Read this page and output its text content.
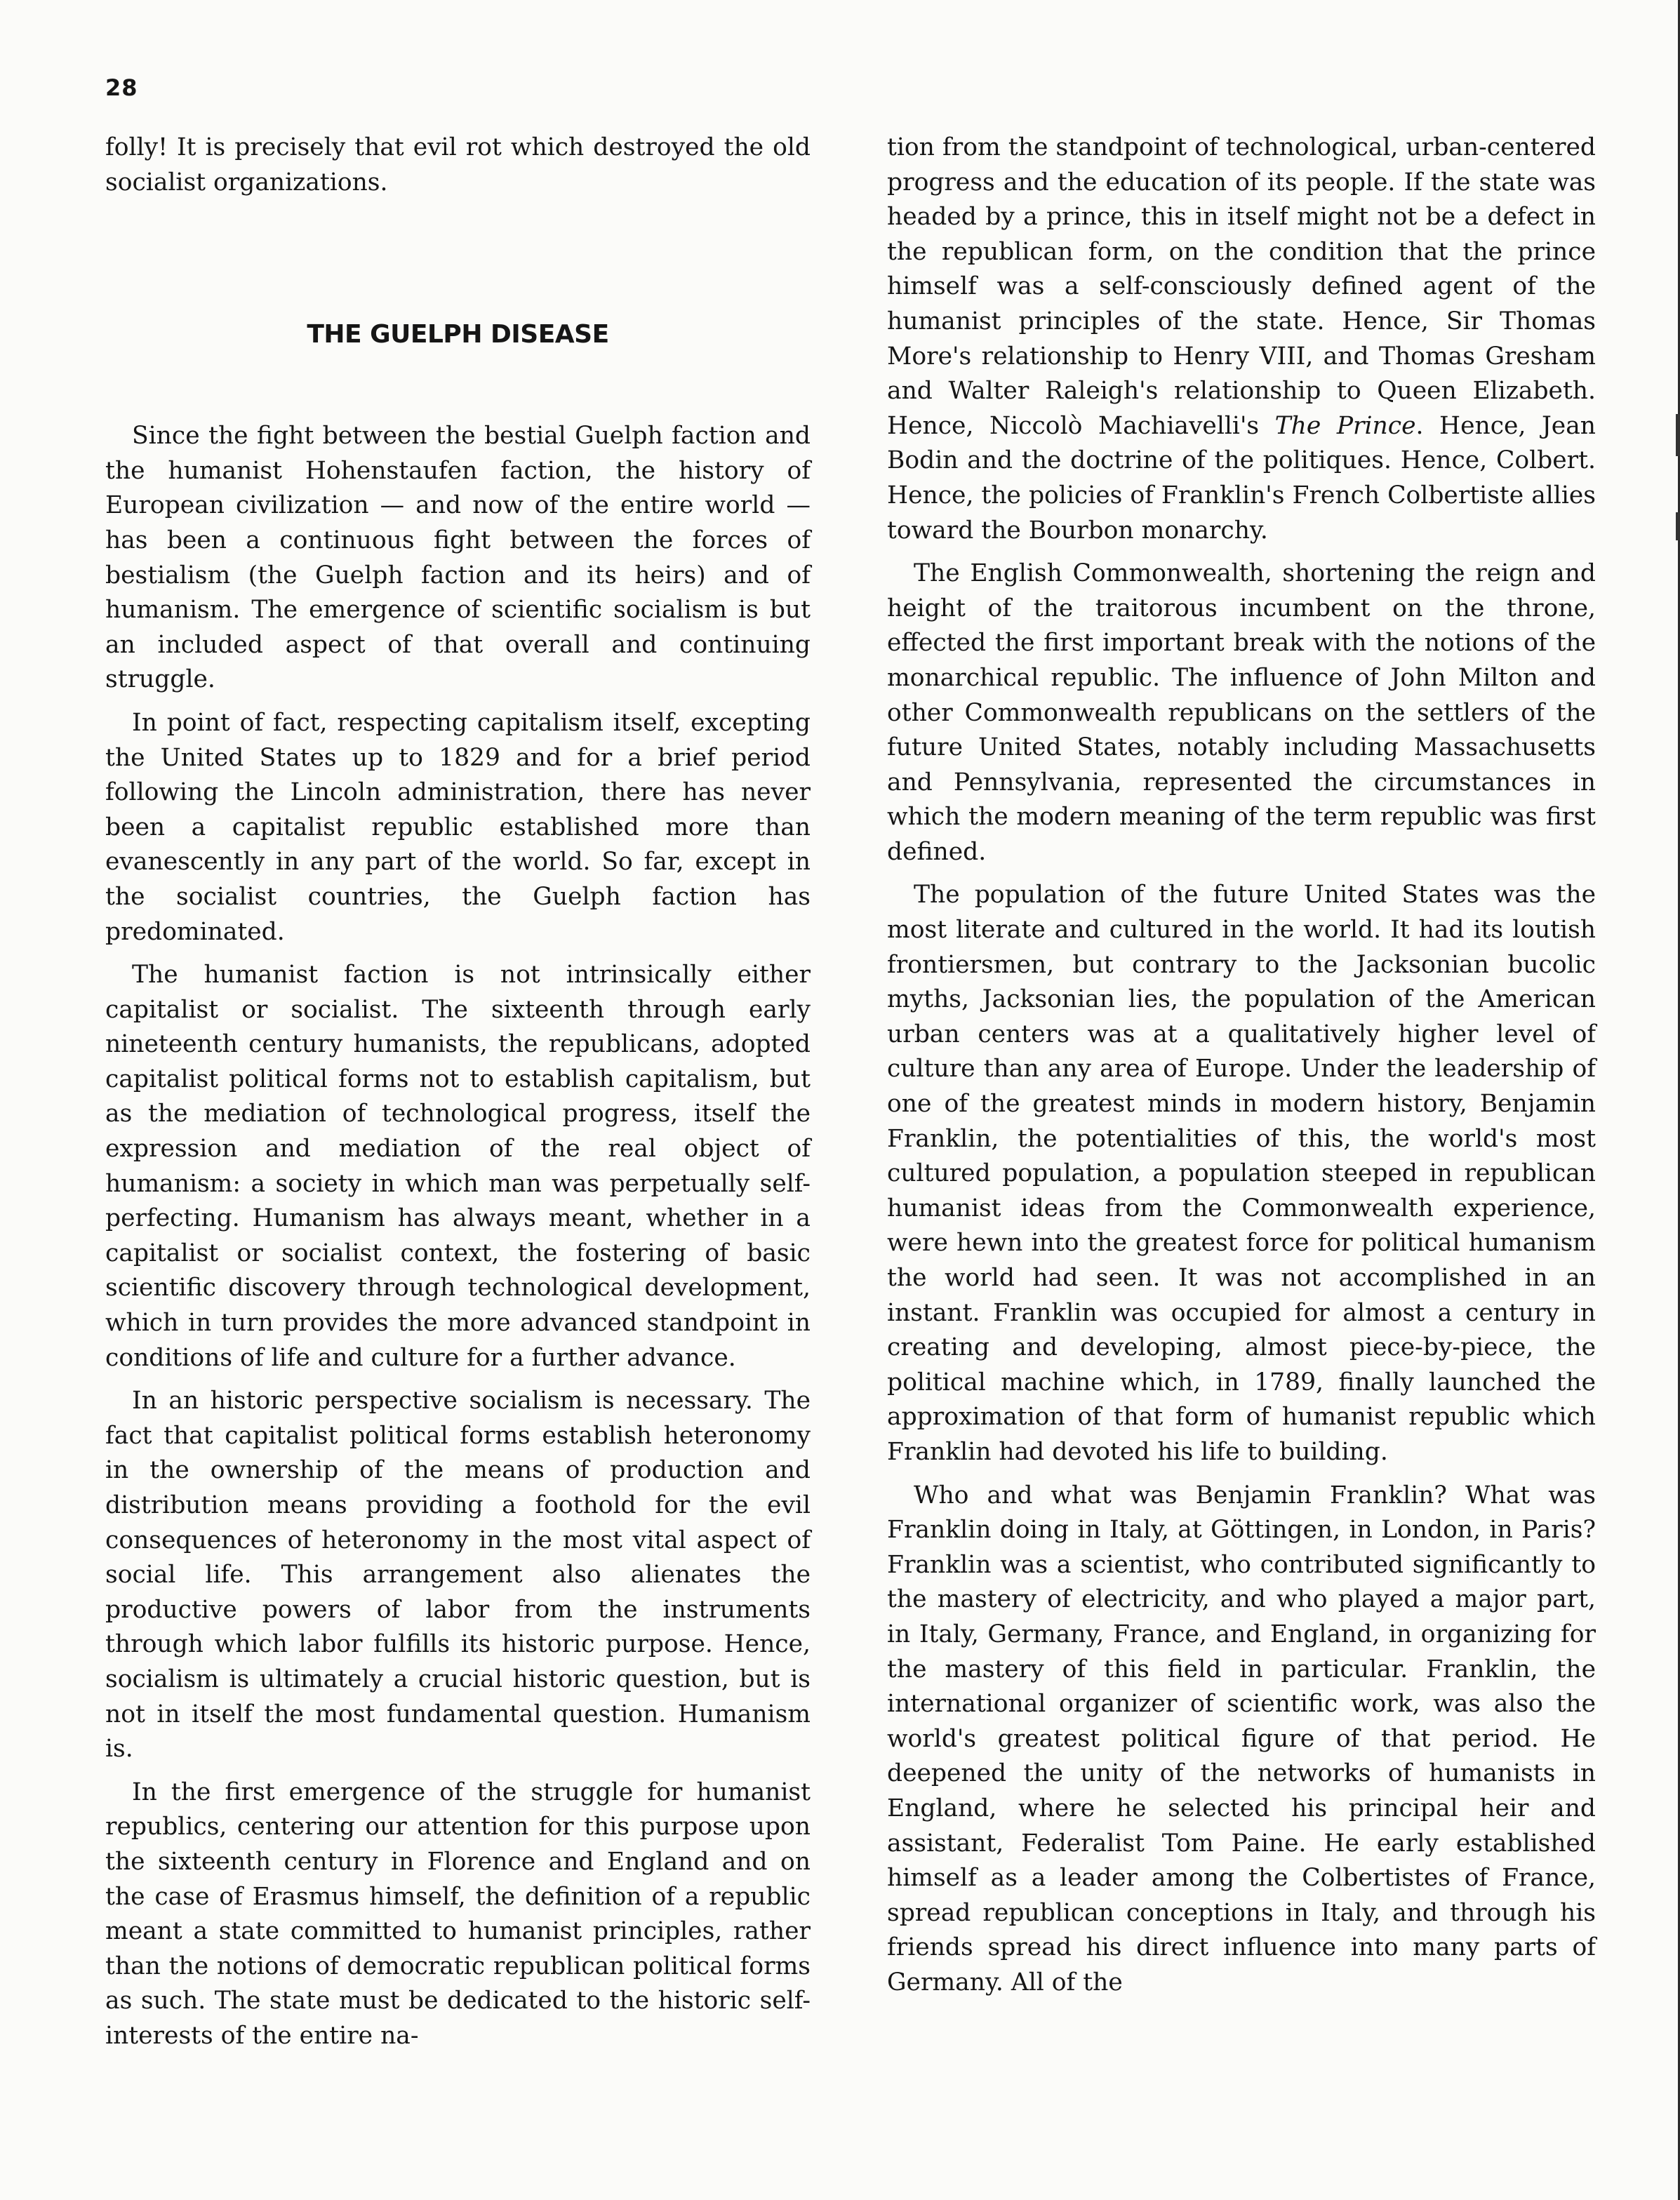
28

folly! It is precisely that evil rot which destroyed the old socialist organizations.

THE GUELPH DISEASE

Since the fight between the bestial Guelph faction and the humanist Hohenstaufen faction, the history of European civilization — and now of the entire world — has been a continuous fight between the forces of bestialism (the Guelph faction and its heirs) and of humanism. The emergence of scientific socialism is but an included aspect of that overall and continuing struggle.

In point of fact, respecting capitalism itself, excepting the United States up to 1829 and for a brief period following the Lincoln administration, there has never been a capitalist republic established more than evanescently in any part of the world. So far, except in the socialist countries, the Guelph faction has predominated.

The humanist faction is not intrinsically either capitalist or socialist. The sixteenth through early nineteenth century humanists, the republicans, adopted capitalist political forms not to establish capitalism, but as the mediation of technological progress, itself the expression and mediation of the real object of humanism: a society in which man was perpetually self-perfecting. Humanism has always meant, whether in a capitalist or socialist context, the fostering of basic scientific discovery through technological development, which in turn provides the more advanced standpoint in conditions of life and culture for a further advance.

In an historic perspective socialism is necessary. The fact that capitalist political forms establish heteronomy in the ownership of the means of production and distribution means providing a foothold for the evil consequences of heteronomy in the most vital aspect of social life. This arrangement also alienates the productive powers of labor from the instruments through which labor fulfills its historic purpose. Hence, socialism is ultimately a crucial historic question, but is not in itself the most fundamental question. Humanism is.

In the first emergence of the struggle for humanist republics, centering our attention for this purpose upon the sixteenth century in Florence and England and on the case of Erasmus himself, the definition of a republic meant a state committed to humanist principles, rather than the notions of democratic republican political forms as such. The state must be dedicated to the historic self-interests of the entire na-

tion from the standpoint of technological, urban-centered progress and the education of its people. If the state was headed by a prince, this in itself might not be a defect in the republican form, on the condition that the prince himself was a self-consciously defined agent of the humanist principles of the state. Hence, Sir Thomas More's relationship to Henry VIII, and Thomas Gresham and Walter Raleigh's relationship to Queen Elizabeth. Hence, Niccolò Machiavelli's The Prince. Hence, Jean Bodin and the doctrine of the politiques. Hence, Colbert. Hence, the policies of Franklin's French Colbertiste allies toward the Bourbon monarchy.

The English Commonwealth, shortening the reign and height of the traitorous incumbent on the throne, effected the first important break with the notions of the monarchical republic. The influence of John Milton and other Commonwealth republicans on the settlers of the future United States, notably including Massachusetts and Pennsylvania, represented the circumstances in which the modern meaning of the term republic was first defined.

The population of the future United States was the most literate and cultured in the world. It had its loutish frontiersmen, but contrary to the Jacksonian bucolic myths, Jacksonian lies, the population of the American urban centers was at a qualitatively higher level of culture than any area of Europe. Under the leadership of one of the greatest minds in modern history, Benjamin Franklin, the potentialities of this, the world's most cultured population, a population steeped in republican humanist ideas from the Commonwealth experience, were hewn into the greatest force for political humanism the world had seen. It was not accomplished in an instant. Franklin was occupied for almost a century in creating and developing, almost piece-by-piece, the political machine which, in 1789, finally launched the approximation of that form of humanist republic which Franklin had devoted his life to building.

Who and what was Benjamin Franklin? What was Franklin doing in Italy, at Göttingen, in London, in Paris? Franklin was a scientist, who contributed significantly to the mastery of electricity, and who played a major part, in Italy, Germany, France, and England, in organizing for the mastery of this field in particular. Franklin, the international organizer of scientific work, was also the world's greatest political figure of that period. He deepened the unity of the networks of humanists in England, where he selected his principal heir and assistant, Federalist Tom Paine. He early established himself as a leader among the Colbertistes of France, spread republican conceptions in Italy, and through his friends spread his direct influence into many parts of Germany. All of the
